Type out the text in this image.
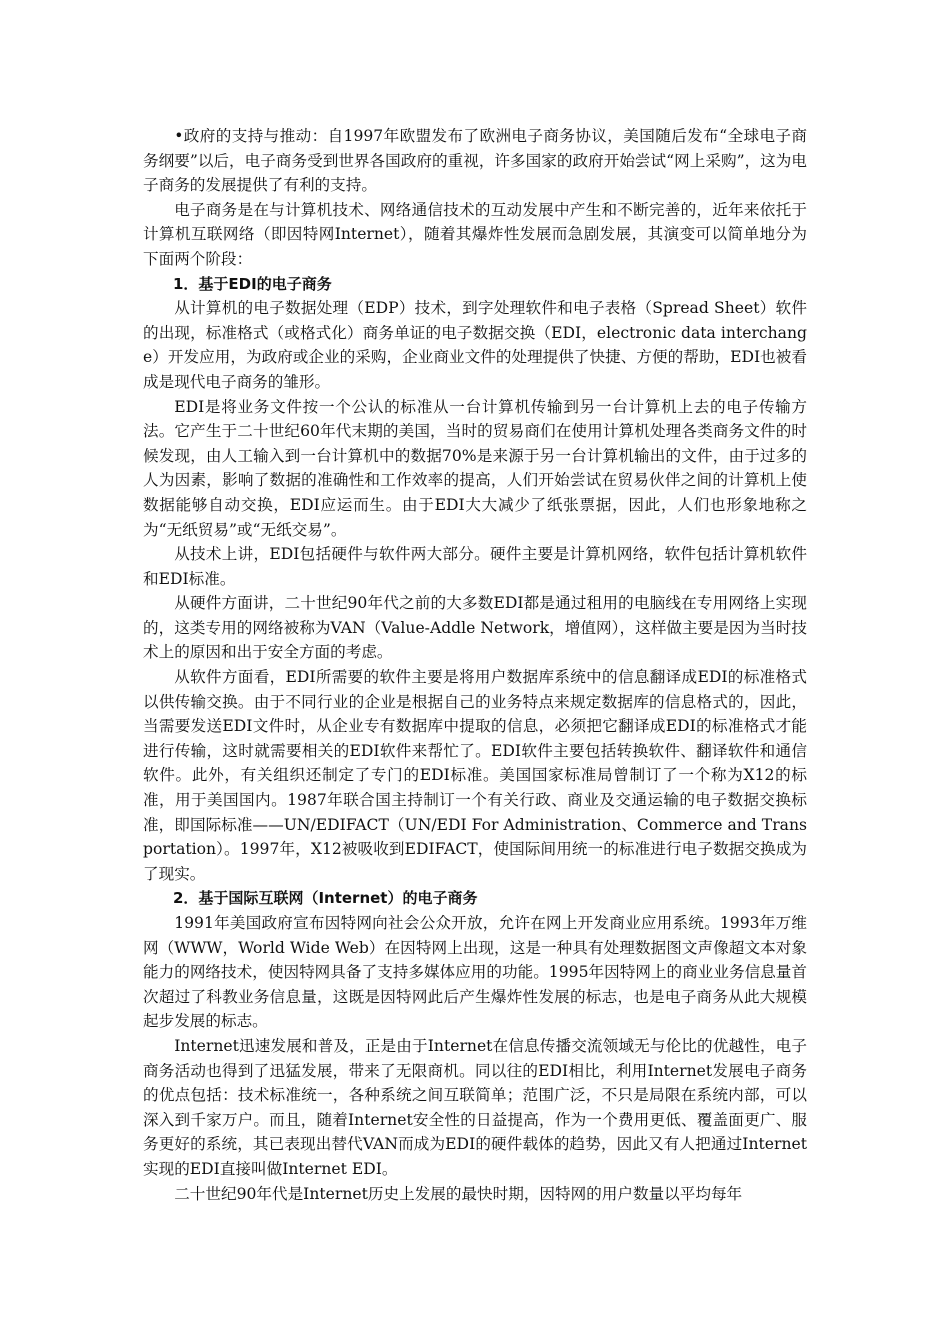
•政府的支持与推动：自1997年欧盟发布了欧洲电子商务协议，美国随后发布“全球电子商务纲要”以后，电子商务受到世界各国政府的重视，许多国家的政府开始尝试“网上采购”，这为电子商务的发展提供了有利的支持。

电子商务是在与计算机技术、网络通信技术的互动发展中产生和不断完善的，近年来依托于计算机互联网络（即因特网Internet），随着其爆炸性发展而急剧发展，其演变可以简单地分为下面两个阶段：

1．基于EDI的电子商务

从计算机的电子数据处理（EDP）技术，到字处理软件和电子表格（Spread Sheet）软件的出现，标准格式（或格式化）商务单证的电子数据交换（EDI，electronic data interchange）开发应用，为政府或企业的采购，企业商业文件的处理提供了快捷、方便的帮助，EDI也被看成是现代电子商务的雏形。

EDI是将业务文件按一个公认的标准从一台计算机传输到另一台计算机上去的电子传输方法。它产生于二十世纪60年代末期的美国，当时的贸易商们在使用计算机处理各类商务文件的时候发现，由人工输入到一台计算机中的数据70%是来源于另一台计算机输出的文件，由于过多的人为因素，影响了数据的准确性和工作效率的提高，人们开始尝试在贸易伙伴之间的计算机上使数据能够自动交换，EDI应运而生。由于EDI大大减少了纸张票据，因此，人们也形象地称之为“无纸贸易”或“无纸交易”。

从技术上讲，EDI包括硬件与软件两大部分。硬件主要是计算机网络，软件包括计算机软件和EDI标准。

从硬件方面讲，二十世纪90年代之前的大多数EDI都是通过租用的电脑线在专用网络上实现的，这类专用的网络被称为VAN（Value-Addle Network，增值网），这样做主要是因为当时技术上的原因和出于安全方面的考虑。

从软件方面看，EDI所需要的软件主要是将用户数据库系统中的信息翻译成EDI的标准格式以供传输交换。由于不同行业的企业是根据自己的业务特点来规定数据库的信息格式的，因此，当需要发送EDI文件时，从企业专有数据库中提取的信息，必须把它翻译成EDI的标准格式才能进行传输，这时就需要相关的EDI软件来帮忙了。EDI软件主要包括转换软件、翻译软件和通信软件。此外，有关组织还制定了专门的EDI标准。美国国家标准局曾制订了一个称为X12的标准，用于美国国内。1987年联合国主持制订一个有关行政、商业及交通运输的电子数据交换标准，即国际标准——UN/EDIFACT（UN/EDI For Administration、Commerce and Transportation）。1997年，X12被吸收到EDIFACT，使国际间用统一的标准进行电子数据交换成为了现实。

2．基于国际互联网（Internet）的电子商务

1991年美国政府宣布因特网向社会公众开放，允许在网上开发商业应用系统。1993年万维网（WWW，World Wide Web）在因特网上出现，这是一种具有处理数据图文声像超文本对象能力的网络技术，使因特网具备了支持多媒体应用的功能。1995年因特网上的商业业务信息量首次超过了科教业务信息量，这既是因特网此后产生爆炸性发展的标志，也是电子商务从此大规模起步发展的标志。

Internet迅速发展和普及，正是由于Internet在信息传播交流领域无与伦比的优越性，电子商务活动也得到了迅猛发展，带来了无限商机。同以往的EDI相比，利用Internet发展电子商务的优点包括：技术标准统一，各种系统之间互联简单；范围广泛，不只是局限在系统内部，可以深入到千家万户。而且，随着Internet安全性的日益提高，作为一个费用更低、覆盖面更广、服务更好的系统，其已表现出替代VAN而成为EDI的硬件载体的趋势，因此又有人把通过Internet实现的EDI直接叫做Internet EDI。

二十世纪90年代是Internet历史上发展的最快时期，因特网的用户数量以平均每年
